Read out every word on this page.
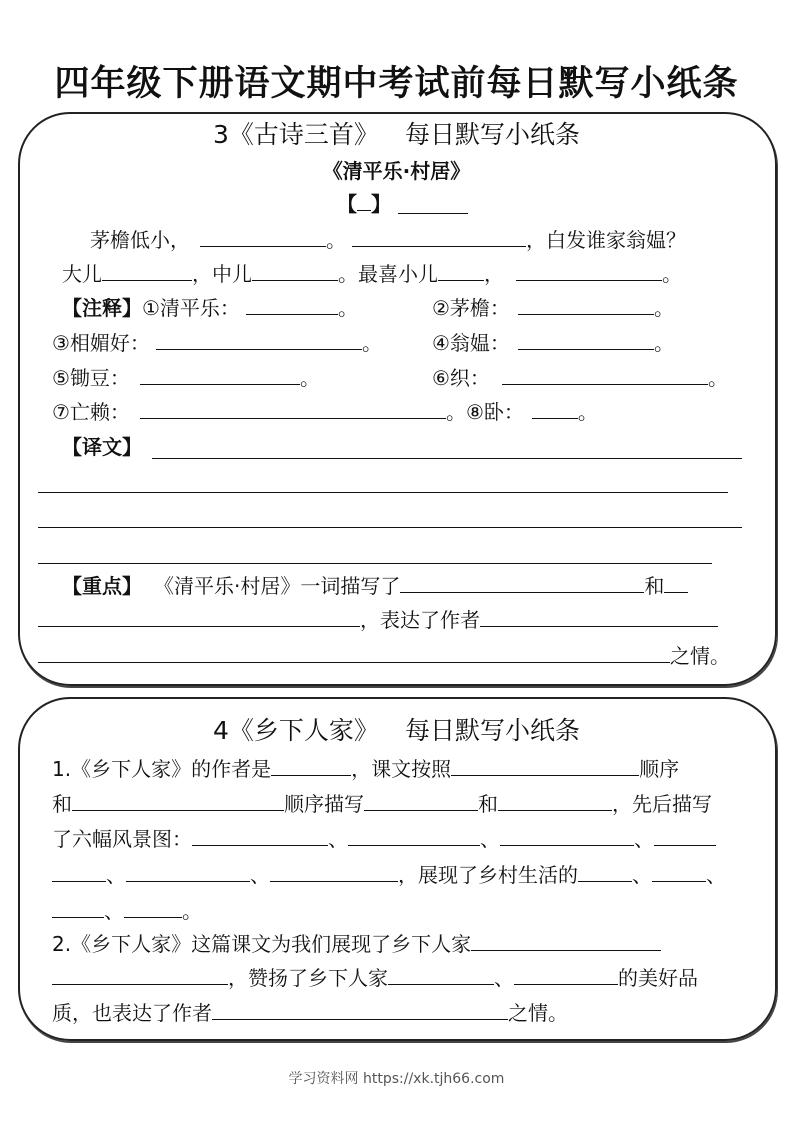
四年级下册语文期中考试前每日默写小纸条
3《古诗三首》 每日默写小纸条
《清平乐·村居》
【 】
茅檐低小，	。	，白发谁家翁媪？
大儿	，中儿	。最喜小儿 ，	。
【注释】①清平乐：	。	②茅檐：	。
③相媚好：	。	④翁媪：	。
⑤锄豆：	。	⑥织：	。
⑦亡赖：	。⑧卧：	。
【译文】
【重点】 《清平乐·村居》一词描写了	和
，表达了作者
之情。
4《乡下人家》 每日默写小纸条
1.《乡下人家》的作者是	，课文按照	顺序
和	顺序描写	和	，先后描写
了六幅风景图：	、	、	、
、	、	，展现了乡村生活的	、	、
、	。
2.《乡下人家》这篇课文为我们展现了乡下人家
，赞扬了乡下人家	、	的美好品
质，也表达了作者	之情。
学习资料网 https://xk.tjh66.com
